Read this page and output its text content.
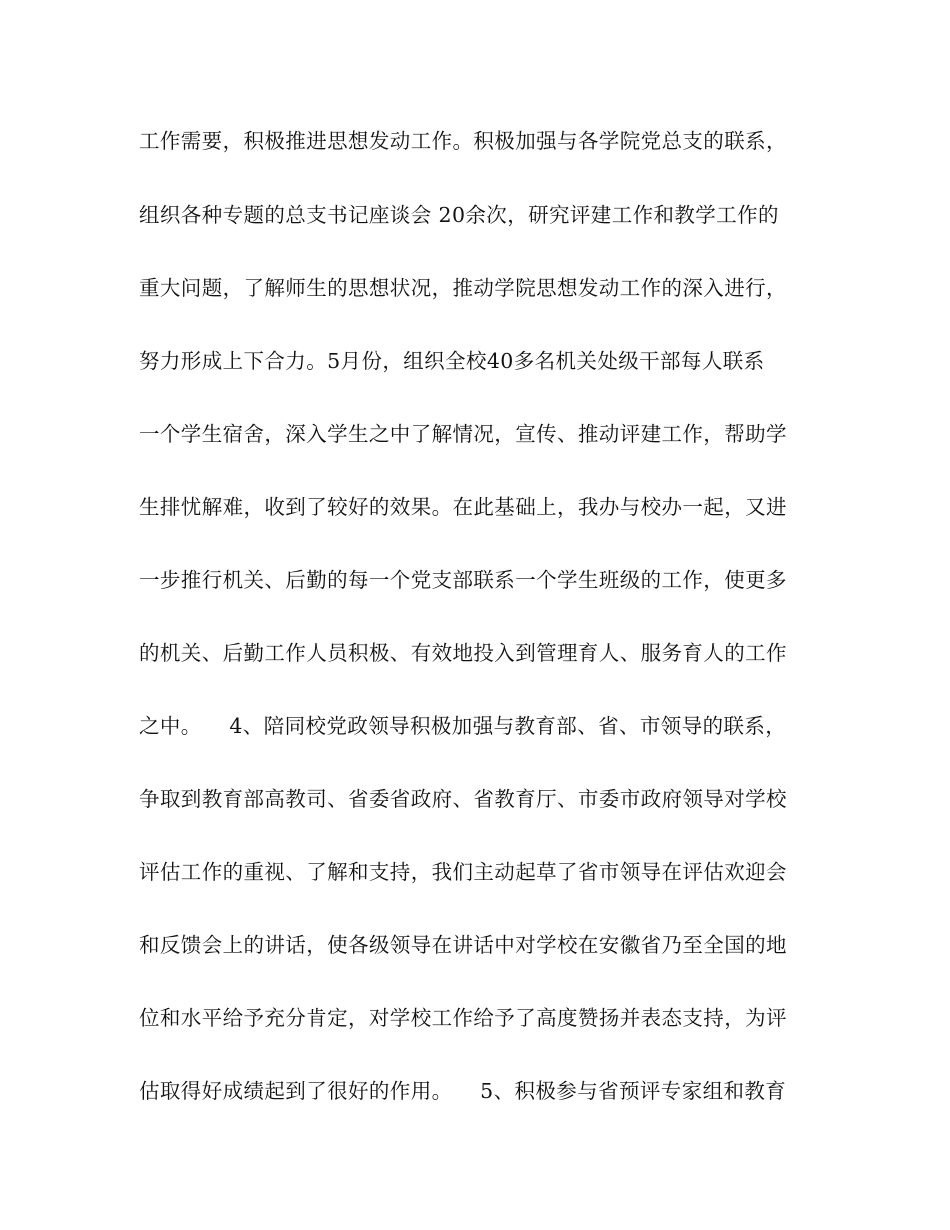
工作需要，积极推进思想发动工作。积极加强与各学院党总支的联系，
组织各种专题的总支书记座谈会 20余次，研究评建工作和教学工作的
重大问题，了解师生的思想状况，推动学院思想发动工作的深入进行，
努力形成上下合力。5月份，组织全校40多名机关处级干部每人联系
一个学生宿舍，深入学生之中了解情况，宣传、推动评建工作，帮助学
生排忧解难，收到了较好的效果。在此基础上，我办与校办一起，又进
一步推行机关、后勤的每一个党支部联系一个学生班级的工作，使更多
的机关、后勤工作人员积极、有效地投入到管理育人、服务育人的工作
之中。    4、陪同校党政领导积极加强与教育部、省、市领导的联系，
争取到教育部高教司、省委省政府、省教育厅、市委市政府领导对学校
评估工作的重视、了解和支持，我们主动起草了省市领导在评估欢迎会
和反馈会上的讲话，使各级领导在讲话中对学校在安徽省乃至全国的地
位和水平给予充分肯定，对学校工作给予了高度赞扬并表态支持，为评
估取得好成绩起到了很好的作用。    5、积极参与省预评专家组和教育
